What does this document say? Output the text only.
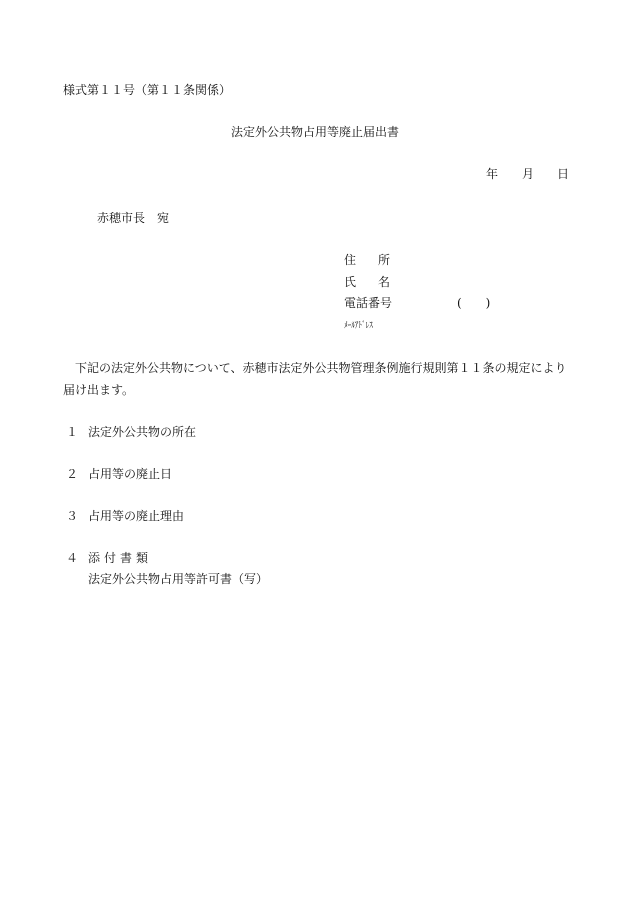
様式第１１号（第１１条関係）
法定外公共物占用等廃止届出書
年 月 日
赤穂市長　宛
住所
氏名
電話番号	(　　)
ﾒｰﾙｱﾄﾞﾚｽ
下記の法定外公共物について、赤穂市法定外公共物管理条例施行規則第１１条の規定により届け出ます。
１ 法定外公共物の所在
２ 占用等の廃止日
３ 占用等の廃止理由
４ 添付書類
法定外公共物占用等許可書（写）
